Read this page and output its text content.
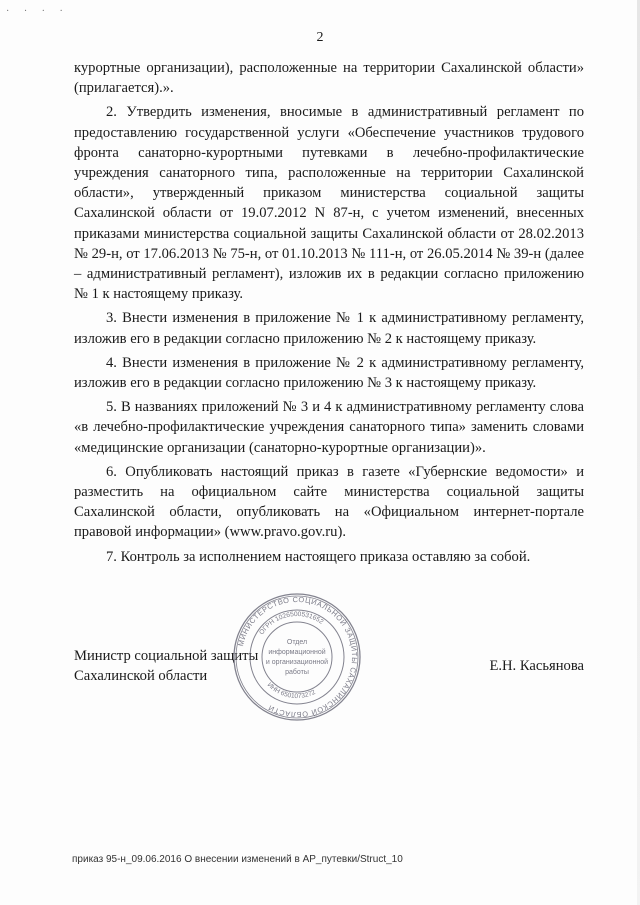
· · · ·
2

курортные организации), расположенные на территории Сахалинской области» (прилагается).».

2. Утвердить изменения, вносимые в административный регламент по предоставлению государственной услуги «Обеспечение участников трудового фронта санаторно-курортными путевками в лечебно-профилактические учреждения санаторного типа, расположенные на территории Сахалинской области», утвержденный приказом министерства социальной защиты Сахалинской области от 19.07.2012 N 87-н, с учетом изменений, внесенных приказами министерства социальной защиты Сахалинской области от 28.02.2013 № 29-н, от 17.06.2013 № 75-н, от 01.10.2013 № 111-н, от 26.05.2014 № 39-н (далее – административный регламент), изложив их в редакции согласно приложению № 1 к настоящему приказу.

3. Внести изменения в приложение № 1 к административному регламенту, изложив его в редакции согласно приложению № 2 к настоящему приказу.

4. Внести изменения в приложение № 2 к административному регламенту, изложив его в редакции согласно приложению № 3 к настоящему приказу.

5. В названиях приложений № 3 и 4 к административному регламенту слова «в лечебно-профилактические учреждения санаторного типа» заменить словами «медицинские организации (санаторно-курортные организации)».

6. Опубликовать настоящий приказ в газете «Губернские ведомости» и разместить на официальном сайте министерства социальной защиты Сахалинской области, опубликовать на «Официальном интернет-портале правовой информации» (www.pravo.gov.ru).

7. Контроль за исполнением настоящего приказа оставляю за собой.

Министр социальной защиты
Сахалинской области
Е.Н. Касьянова
МИНИСТЕРСТВО СОЦИАЛЬНОЙ ЗАЩИТЫ САХАЛИНСКОЙ ОБЛАСТИ
ОГРН 1026500531652
ИНН 6501073272
Отдел
информационной
и организационной
работы
приказ 95-н_09.06.2016 О внесении изменений в АР_путевки/Struct_10
